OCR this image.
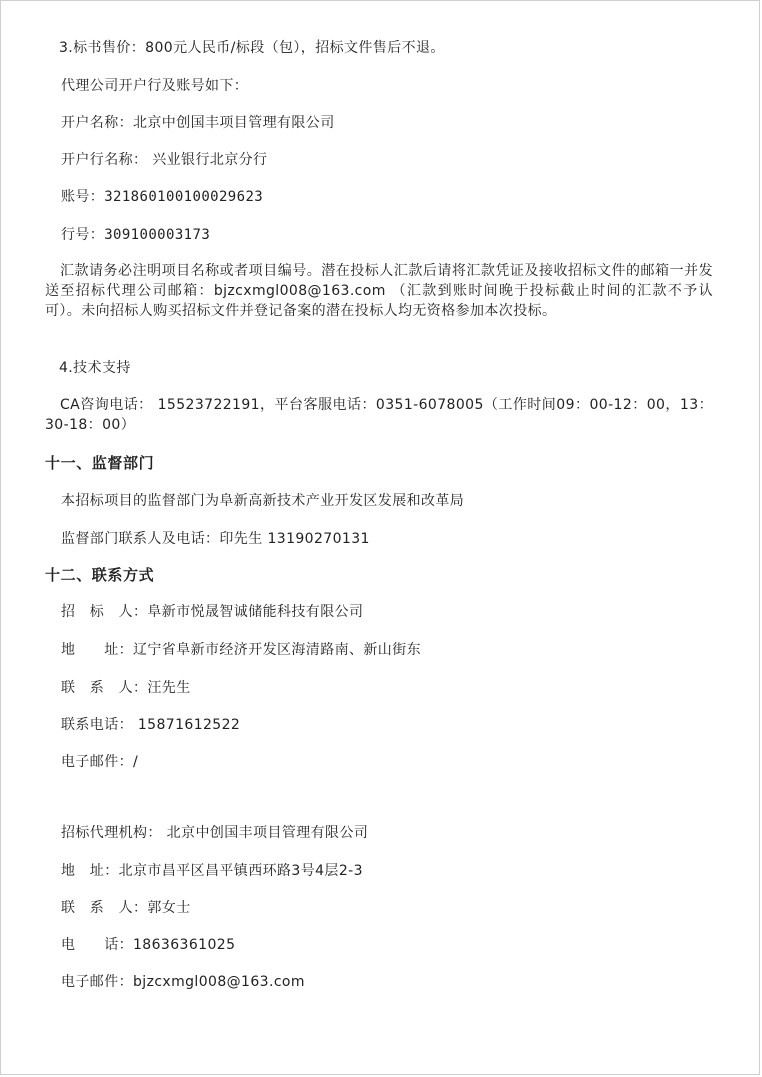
3.标书售价：800元人民币/标段（包），招标文件售后不退。
代理公司开户行及账号如下：
开户名称：北京中创国丰项目管理有限公司
开户行名称： 兴业银行北京分行
账号：321860100100029623
行号：309100003173
汇款请务必注明项目名称或者项目编号。潜在投标人汇款后请将汇款凭证及接收招标文件的邮箱一并发送至招标代理公司邮箱：bjzcxmgl008@163.com （汇款到账时间晚于投标截止时间的汇款不予认可）。未向招标人购买招标文件并登记备案的潜在投标人均无资格参加本次投标。
4.技术支持
CA咨询电话： 15523722191，平台客服电话：0351-6078005（工作时间09：00-12：00，13：30-18：00）
十一、监督部门
本招标项目的监督部门为阜新高新技术产业开发区发展和改革局
监督部门联系人及电话：印先生 13190270131
十二、联系方式
招　标　人：阜新市悦晟智诚储能科技有限公司
地　　址：辽宁省阜新市经济开发区海清路南、新山街东
联　系　人：汪先生
联系电话： 15871612522
电子邮件：/
招标代理机构： 北京中创国丰项目管理有限公司
地　址：北京市昌平区昌平镇西环路3号4层2-3
联　系　人：郭女士
电　　话：18636361025
电子邮件：bjzcxmgl008@163.com
